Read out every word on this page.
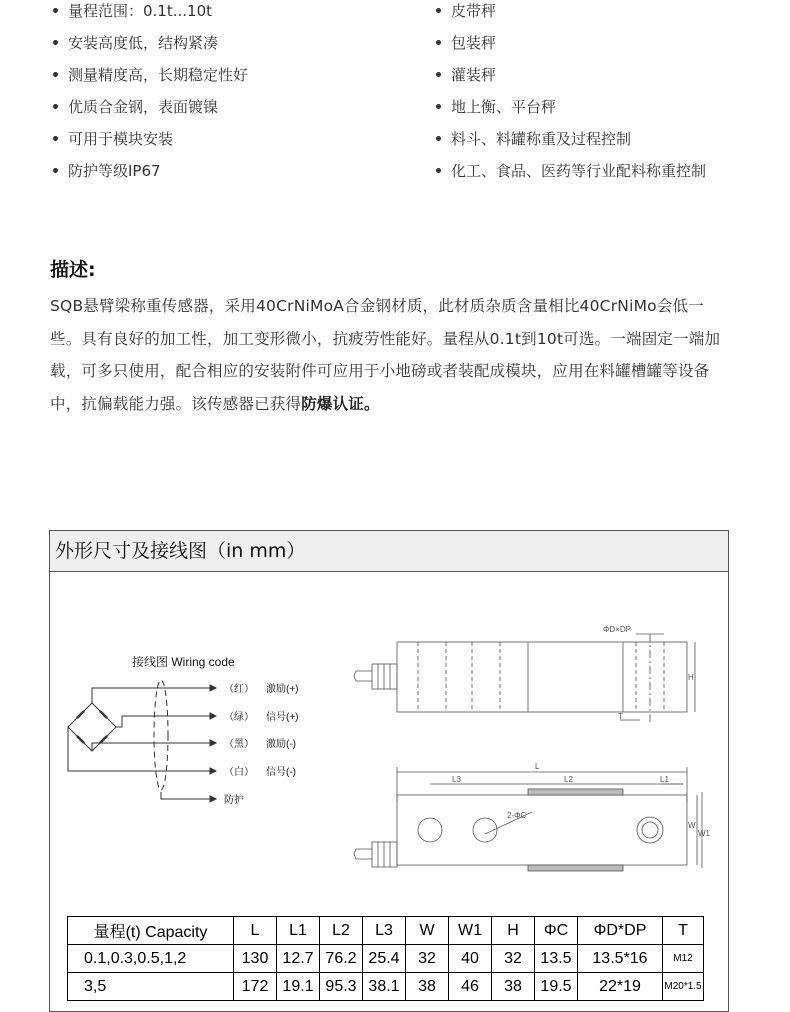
量程范围：0.1t...10t
安装高度低，结构紧凑
测量精度高，长期稳定性好
优质合金钢，表面镀镍
可用于模块安装
防护等级IP67
皮带秤
包装秤
灌装秤
地上衡、平台秤
料斗、料罐称重及过程控制
化工、食品、医药等行业配料称重控制
描述:
SQB悬臂梁称重传感器，采用40CrNiMoA合金钢材质，此材质杂质含量相比40CrNiMo会低一些。具有良好的加工性，加工变形微小，抗疲劳性能好。量程从0.1t到10t可选。一端固定一端加载，可多只使用，配合相应的安装附件可应用于小地磅或者装配成模块，应用在料罐槽罐等设备中，抗偏载能力强。该传感器已获得防爆认证。
外形尺寸及接线图（in mm）
接线图 Wiring code
（红） 激励(+)
（绿） 信号(+)
（黑） 激励(-)
（白） 信号(-)
防护
ΦD×DP
H
T
L
L3	L2	L1
2-ΦC
W
W1
量程(t) Capacity	L	L1	L2	L3	W	W1	H	ΦC	ΦD*DP	T
0.1,0.3,0.5,1,2	130	12.7	76.2	25.4	32	40	32	13.5	13.5*16	M12
3,5	172	19.1	95.3	38.1	38	46	38	19.5	22*19	M20*1.5
